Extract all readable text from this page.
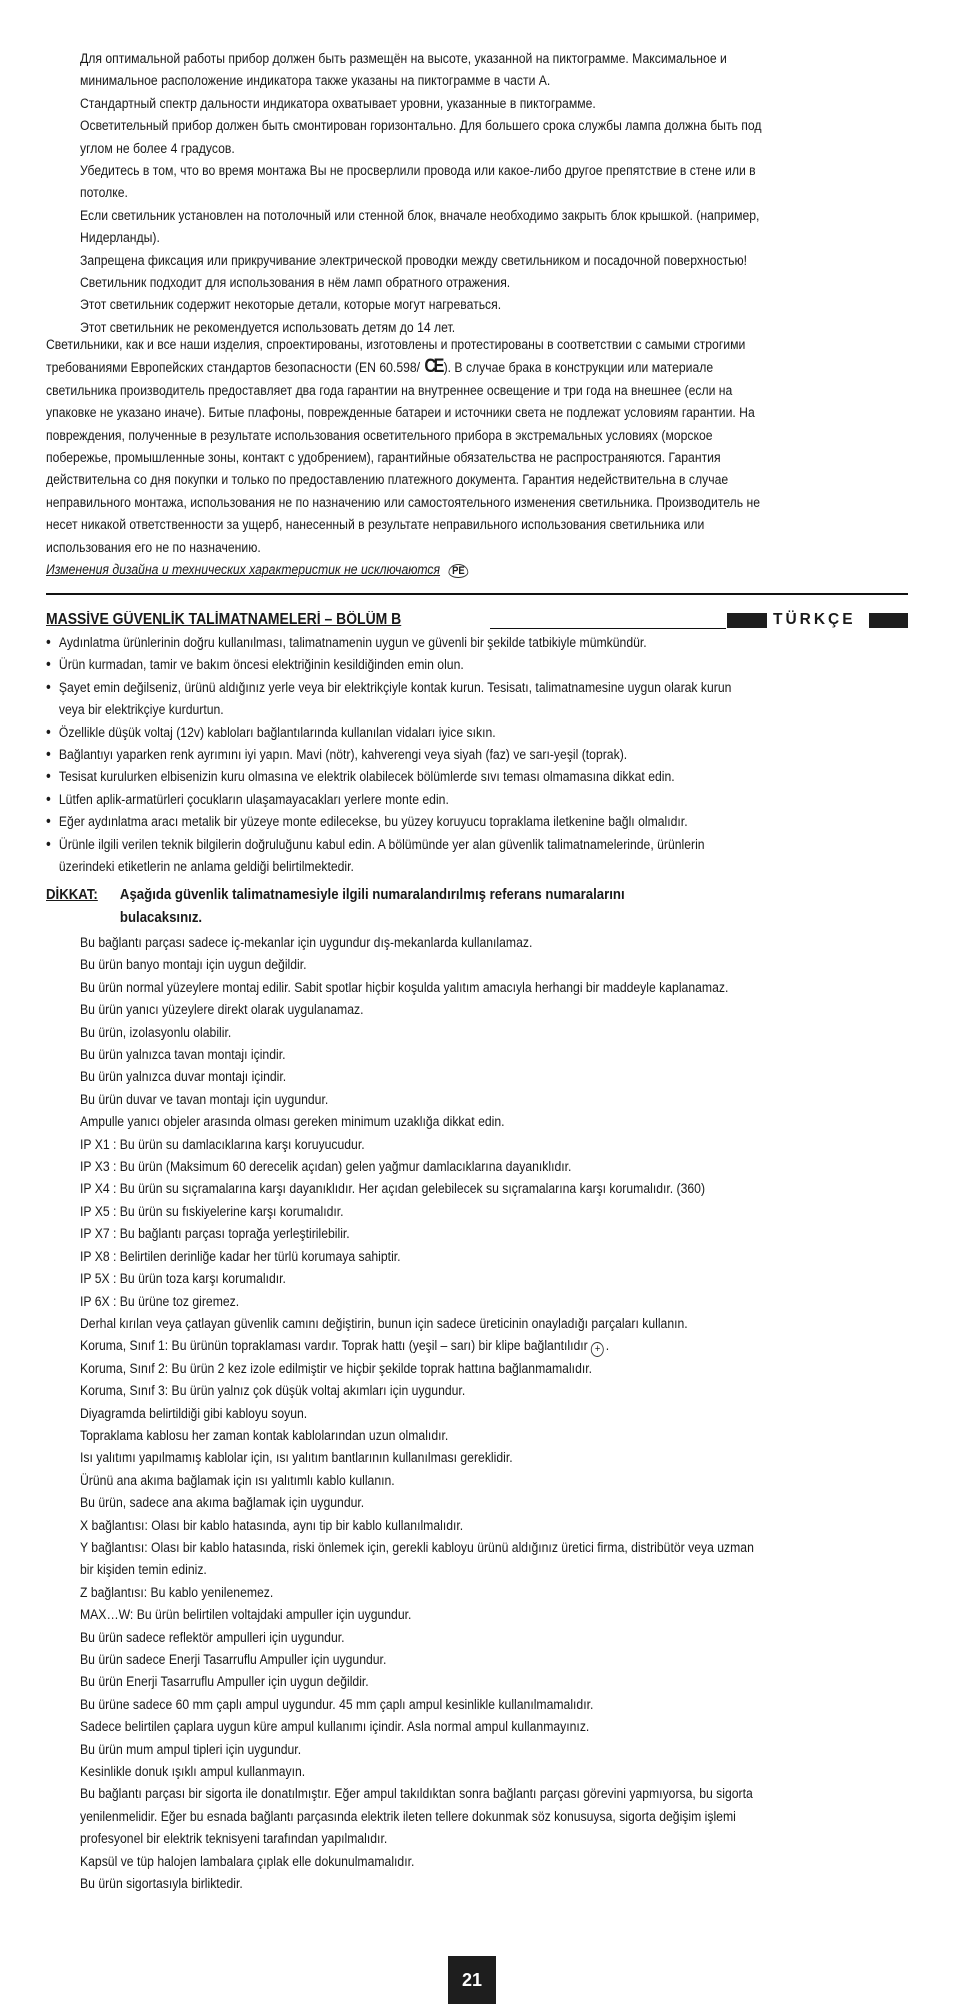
Для оптимальной работы прибор должен быть размещён на высоте, указанной на пиктограмме. Максимальное и

минимальное расположение индикатора также указаны на пиктограмме в части А.

Стандартный спектр дальности индикатора охватывает уровни, указанные в пиктограмме.

Осветительный прибор должен быть смонтирован горизонтально. Для большего срока службы лампа должна быть под

углом не более 4 градусов.

Убедитесь в том, что во время монтажа Вы не просверлили провода или какое-либо другое препятствие в стене или в

потолке.

Если светильник установлен на потолочный или стенной блок, вначале необходимо закрыть блок крышкой. (например,

Нидерланды).

Запрещена фиксация или прикручивание электрической проводки между светильником и посадочной поверхностью!

Светильник подходит для использования в нём ламп обратного отражения.

Этот светильник содержит некоторые детали, которые могут нагреваться.

Этот светильник не рекомендуется использовать детям до 14 лет.

Светильники, как и все наши изделия, спроектированы, изготовлены и протестированы в соответствии с самыми строгими

требованиями Европейских стандартов безопасности (EN 60.598/ CE ). В случае брака в конструкции или материале

светильника производитель предоставляет два года гарантии на внутреннее освещение и три года на внешнее (если на

упаковке не указано иначе). Битые плафоны, поврежденные батареи и источники света не подлежат условиям гарантии. На

повреждения, полученные в результате использования осветительного прибора в экстремальных условиях (морское

побережье, промышленные зоны, контакт с удобрением), гарантийные обязательства не распространяются. Гарантия

действительна со дня покупки и только по предоставлению платежного документа. Гарантия недействительна в случае

неправильного монтажа, использования не по назначению или самостоятельного изменения светильника. Производитель не

несет никакой ответственности за ущерб, нанесенный в результате неправильного использования светильника или

использования его не по назначению.

Изменения дизайна и технических характеристик не исключаются PE

MASSİVE GÜVENLİK TALİMATNAMELERİ – BÖLÜM B	TÜRKÇE
• Aydınlatma ürünlerinin doğru kullanılması, talimatnamenin uygun ve güvenli bir şekilde tatbikiyle mümkündür.
• Ürün kurmadan, tamir ve bakım öncesi elektriğinin kesildiğinden emin olun.
• Şayet emin değilseniz, ürünü aldığınız yerle veya bir elektrikçiyle kontak kurun. Tesisatı, talimatnamesine uygun olarak kurun
veya bir elektrikçiye kurdurtun.
• Özellikle düşük voltaj (12v) kabloları bağlantılarında kullanılan vidaları iyice sıkın.
• Bağlantıyı yaparken renk ayrımını iyi yapın. Mavi (nötr), kahverengi veya siyah (faz) ve sarı-yeşil (toprak).
• Tesisat kurulurken elbisenizin kuru olmasına ve elektrik olabilecek bölümlerde sıvı teması olmamasına dikkat edin.
• Lütfen aplik-armatürleri çocukların ulaşamayacakları yerlere monte edin.
• Eğer aydınlatma aracı metalik bir yüzeye monte edilecekse, bu yüzey koruyucu topraklama iletkenine bağlı olmalıdır.
• Ürünle ilgili verilen teknik bilgilerin doğruluğunu kabul edin. A bölümünde yer alan güvenlik talimatnamelerinde, ürünlerin
üzerindeki etiketlerin ne anlama geldiği belirtilmektedir.
DİKKAT:	Aşağıda güvenlik talimatnamesiyle ilgili numaralandırılmış referans numaralarını
bulacaksınız.

Bu bağlantı parçası sadece iç-mekanlar için uygundur dış-mekanlarda kullanılamaz.

Bu ürün banyo montajı için uygun değildir.

Bu ürün normal yüzeylere montaj edilir. Sabit spotlar hiçbir koşulda yalıtım amacıyla herhangi bir maddeyle kaplanamaz.

Bu ürün yanıcı yüzeylere direkt olarak uygulanamaz.

Bu ürün, izolasyonlu olabilir.

Bu ürün yalnızca tavan montajı içindir.

Bu ürün yalnızca duvar montajı içindir.

Bu ürün duvar ve tavan montajı için uygundur.

Ampulle yanıcı objeler arasında olması gereken minimum uzaklığa dikkat edin.

IP X1 : Bu ürün su damlacıklarına karşı koruyucudur.

IP X3 : Bu ürün (Maksimum 60 derecelik açıdan) gelen yağmur damlacıklarına dayanıklıdır.

IP X4 : Bu ürün su sıçramalarına karşı dayanıklıdır. Her açıdan gelebilecek su sıçramalarına karşı korumalıdır. (360)

IP X5 : Bu ürün su fıskiyelerine karşı korumalıdır.

IP X7 : Bu bağlantı parçası toprağa yerleştirilebilir.

IP X8 : Belirtilen derinliğe kadar her türlü korumaya sahiptir.

IP 5X : Bu ürün toza karşı korumalıdır.

IP 6X : Bu ürüne toz giremez.

Derhal kırılan veya çatlayan güvenlik camını değiştirin, bunun için sadece üreticinin onayladığı parçaları kullanın.

Koruma, Sınıf 1: Bu ürünün topraklaması vardır. Toprak hattı (yeşil – sarı) bir klipe bağlantılıdır + .

Koruma, Sınıf 2: Bu ürün 2 kez izole edilmiştir ve hiçbir şekilde toprak hattına bağlanmamalıdır.

Koruma, Sınıf 3: Bu ürün yalnız çok düşük voltaj akımları için uygundur.

Diyagramda belirtildiği gibi kabloyu soyun.

Topraklama kablosu her zaman kontak kablolarından uzun olmalıdır.

Isı yalıtımı yapılmamış kablolar için, ısı yalıtım bantlarının kullanılması gereklidir.

Ürünü ana akıma bağlamak için ısı yalıtımlı kablo kullanın.

Bu ürün, sadece ana akıma bağlamak için uygundur.

X bağlantısı: Olası bir kablo hatasında, aynı tip bir kablo kullanılmalıdır.

Y bağlantısı: Olası bir kablo hatasında, riski önlemek için, gerekli kabloyu ürünü aldığınız üretici firma, distribütör veya uzman

bir kişiden temin ediniz.

Z bağlantısı: Bu kablo yenilenemez.

MAX…W: Bu ürün belirtilen voltajdaki ampuller için uygundur.

Bu ürün sadece reflektör ampulleri için uygundur.

Bu ürün sadece Enerji Tasarruflu Ampuller için uygundur.

Bu ürün Enerji Tasarruflu Ampuller için uygun değildir.

Bu ürüne sadece 60 mm çaplı ampul uygundur. 45 mm çaplı ampul kesinlikle kullanılmamalıdır.

Sadece belirtilen çaplara uygun küre ampul kullanımı içindir. Asla normal ampul kullanmayınız.

Bu ürün mum ampul tipleri için uygundur.

Kesinlikle donuk ışıklı ampul kullanmayın.

Bu bağlantı parçası bir sigorta ile donatılmıştır. Eğer ampul takıldıktan sonra bağlantı parçası görevini yapmıyorsa, bu sigorta

yenilenmelidir. Eğer bu esnada bağlantı parçasında elektrik ileten tellere dokunmak söz konusuysa, sigorta değişim işlemi

profesyonel bir elektrik teknisyeni tarafından yapılmalıdır.

Kapsül ve tüp halojen lambalara çıplak elle dokunulmamalıdır.

Bu ürün sigortasıyla birliktedir.

21
